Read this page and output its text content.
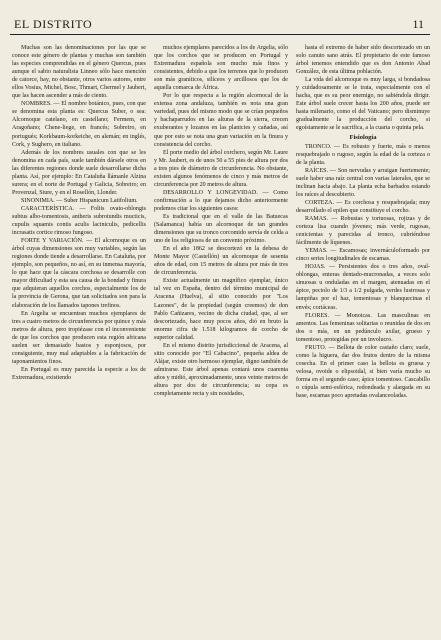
EL DISTRITO	11

Muchas son las denominaciones por las que se conoce este género de plantas y muchas son también las especies comprendidas en el género Quercus, pues aunque el sabio naturalista Linneo sólo hace mención de catorce, hay, no obstante, otros varios autores, entre ellos Vosius, Michel, Bosc, Thmart, Chermel y Jaubert, que las hacen ascender a más de ciento.

NOMBRES. — El nombre botánico, pues, con que se denomina esta planta es: Quercus Suber, o sea: Alcornoque catelano, en castellano; Fermem, en Aragoñano; Chene-liege, en francés; Sobreiro, en portugués; Korkbaum-korkeiche, en alemán; en inglés, Cork, y Sughero, en italiano.

Además de los nombres usuales con que se les denomina en cada país, suele también dársele otros en las diferentes regiones donde suele desarrollarse dicha planta. Así, por ejemplo: En Cataluña llámanle Alzina surera; en el norte de Portugal y Galicia, Sobreiro; en Provenzal, Siure, y en el Rosellón, Llonder.

SINONIMIA. — Suber Hispanicum Latifolium.

CARACTERÍSTICA. — Foliis ovato-oblongis subtus albo-tomentosis, antheris subrotundis mucticis, cupulis squamis contis aculis laciniculis, pedicellis incrasatis cortice rimoso fungoso.

FORTE Y VARIACIÓN. — El alcornoque es un árbol cuyas dimensiones son muy variables, según las regiones donde tiende a desarrollarse. En Cataluña, por ejemplo, son pequeños, no así, en su inmensa mayoría, lo que hace que la cáscara corchosa se desarrolle con mayor dificultad y esta sea causa de la bondad y finura que adquieran aquellos corchos, especialmente los de la provincia de Gerona, que tan solicitados son para la elaboración de los llamados tapones trefinos.

En Argelia se encuentran muchos ejemplares de tres a cuatro metros de circunferencia por quince y más metros de altura, pero tropiézase con el inconveniente de que los corchos que producen esta región africana suelen ser demasiado bastos y esponjosos, por consiguiente, muy mal adaptables a la fabricación de taponamientos finos.

En Portugal es muy parecida la especie a los de Extremadura, existiendo

muchos ejemplares parecidos a los de Argelia, sólo que los corchos que se producen en Portugal y Extremadura española son mucho más finos y consistentes, debido a que los terrenos que lo producen son más graníticos, silíceos y arcillosos que los de aquella comarca de África.

Por lo que respecta a la región alcornocal de la extensa zona andaluza, también es nota una gran variedad, pues del mismo modo que se crían pequeños y bachaparrudos en las alturas de la sierra, crecen exuberantes y lozanos en las planicies y cañadas, así que por esto se nota una gran variación en la finura y consistencia del corcho.

El porte medio del árbol corchero, según Mr. Laure y Mr. Jaubert, es de unos 50 a 55 pies de altura por dos a tres pies de diámetro de circunferencia. No obstante, existen algunos fenómenos de cinco y más metros de circunferencia por 20 metros de altura.

DESARROLLO Y LONGEVIDAD. — Como confirmación a lo que dejamos dicho anteriormente podemos citar los siguientes casos:

Es tradicional que en el valle de las Batuecas (Salamanca) había un alcornoque de tan grandes dimensiones que su tronco corcomido servía de celda a uno de los religiosos de un convento próximo.

En el año 1862 se descortezó en la dehesa de Monte Mayor (Castellón) un alcornoque de sesenta años de edad, con 15 metros de altura por más de tres de circunferencia.

Existe actualmente un magnífico ejemplar, único tal vez en España, dentro del término municipal de Aracena (Huelva), al sitio conocido por "Los Lazones", de la propiedad (según creemos) de don Pablo Cañizares, vecino de dicha ciudad, que, al ser descortezado, hace muy pocos años, dió en bruto la enorme cifra de 1.518 kilogramos de corcho de superior calidad.

En el mismo distrito jurisdiccional de Aracena, al sitio conocido por "El Cabacino", pequeña aldea de Alájar, existe otro hermoso ejemplar, digno también de admirarse. Este árbol apenas contará unos cuarenta años y midió, aproximadamente, unos veinte metros de altura por dos de circunferencia; su copa es completamente recta y sin nosidades,

hasta el extremo de haber sido descortezado en un solo canuto sano atrás. El propietario de este famoso árbol tenemos entendido que es don Antonio Abad González, de esta última población.

La vida del alcornoque es muy larga, si bondadosa y cuidadosamente se le trata, especialmente con el hacha, que es su peor enemigo, no sabiéndola dirigir. Este árbol suele crecer hasta los 200 años, puede ser hasta milenario, como el del Vaticano; pero disminuye gradualmente la producción del corcho, si egoístamente se le sacrifica, a la cuarta o quinta pela.

Fisiología

TRONCO. — Es robusto y fuerte, más o menos resquebrajado o rugoso, según la edad de la corteza o de la planta.

RAÍCES. — Son nervudas y arraigan fuertemente; suele haber una raíz central con varias laterales, que se inclinan hacia abajo. La planta echa barbados estando los raíces al descubierto.

CORTEZA. — Es corchosa y resquebrajada; muy desarrollado el epilen que constituye el corcho.

RAMAS. — Robustas y tortuosas, rojizas y de corteza lisa cuando jóvenes; más verde, rugosas, cenicientas y parecidas al tronco, cubriéndose fácilmente de líquenes.

YEMAS. — Escamosas; invernáculoformado por cinco series longitudinales de escamas.

HOJAS. — Persistentes dos o tres años, oval-oblongas, enteras dentado-mucronadas, a veces solo sinuosas u onduladas en el margen, atenuadas en el ápice, peciolo de 1/3 a 1/2 pulgada, verdes lustrosas y lampiñas por el haz, tomentosas y blanquecinas el envés; coriáceas.

FLORES. — Monoicas. Las masculinas en amentos. Las femeninas solitarias o reunidas de dos en dos o más, en un pedúnculo axilar, grueso y tomentoso, protegidas por un involucro.

FRUTO. — Bellota de color castaño claro; suele, como la higuera, dar dos frutos dentro de la misma cosecha. En el primer caso la bellota es gruesa y velosa, ovoide o elipsoidal, si bien varía mucho su forma en el segundo caso; ápice tomentoso. Cascabillo o cúpula semi-esférica, redondeada y alargada en su base, escamas poco apretadas ovalanceoladas.
